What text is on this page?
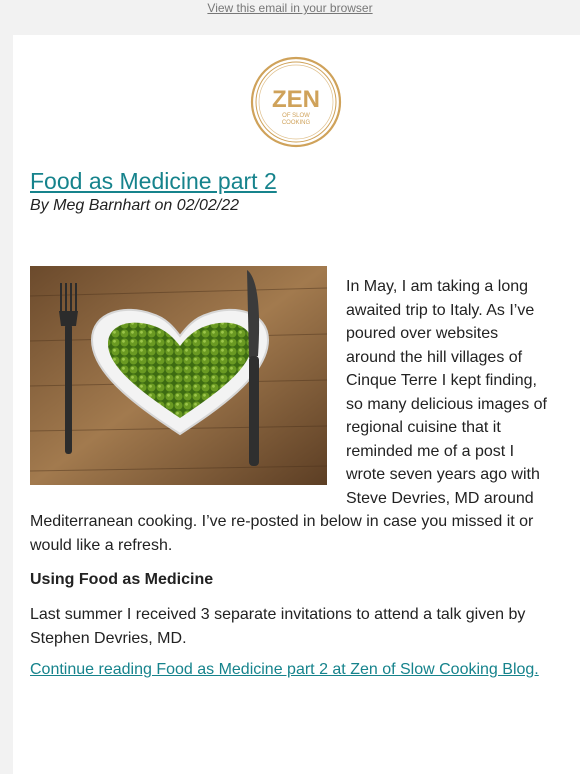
View this email in your browser
ZEN
OF SLOW
COOKING
Food as Medicine part 2
By Meg Barnhart on 02/02/22
In May, I am taking a long awaited trip to Italy. As I’ve poured over websites around the hill villages of Cinque Terre I kept finding, so many delicious images of regional cuisine that it reminded me of a post I wrote seven years ago with Steve Devries, MD around Mediterranean cooking. I’ve re-posted in below in case you missed it or would like a refresh.
Using Food as Medicine
Last summer I received 3 separate invitations to attend a talk given by Stephen Devries, MD.
Continue reading Food as Medicine part 2 at Zen of Slow Cooking Blog.
